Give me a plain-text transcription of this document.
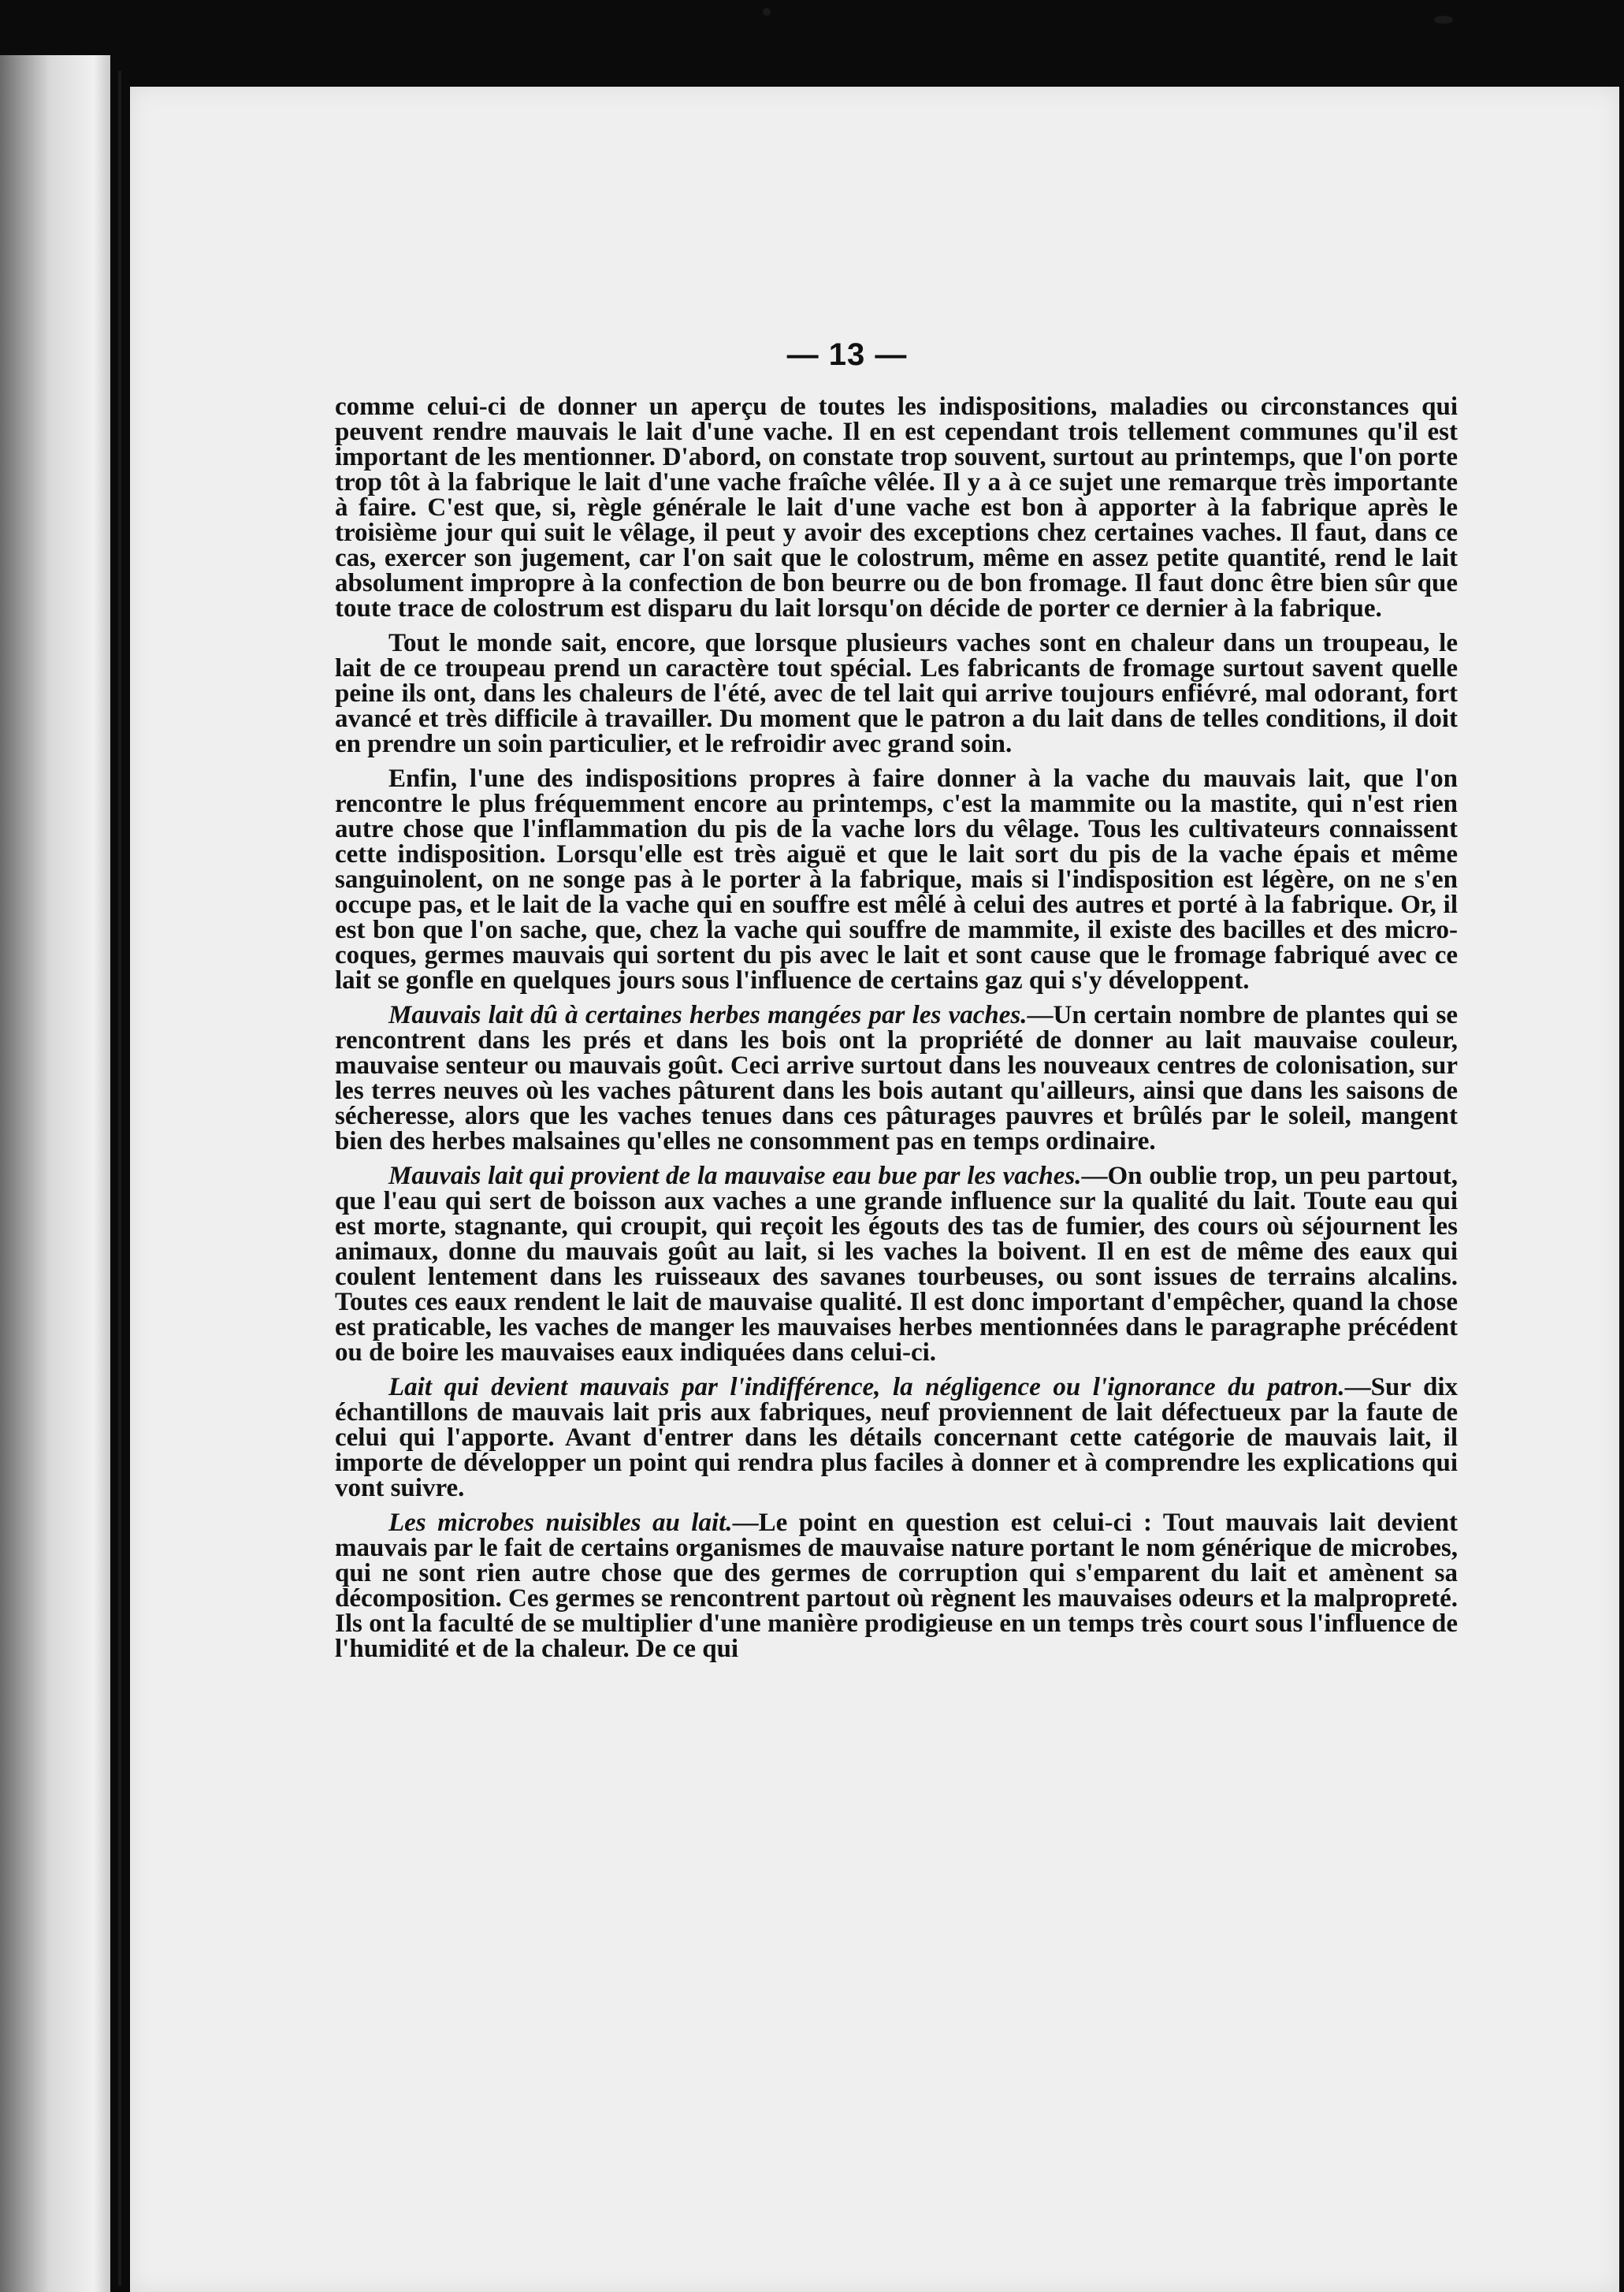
— 13 —

comme celui-ci de donner un aperçu de toutes les indispositions, maladies ou circonstances qui peuvent rendre mauvais le lait d'une vache. Il en est cependant trois tellement communes qu'il est important de les mentionner. D'abord, on constate trop souvent, surtout au printemps, que l'on porte trop tôt à la fabrique le lait d'une vache fraîche vêlée. Il y a à ce sujet une remarque très importante à faire. C'est que, si, règle générale le lait d'une vache est bon à apporter à la fabrique après le troisième jour qui suit le vêlage, il peut y avoir des exceptions chez certaines vaches. Il faut, dans ce cas, exercer son jugement, car l'on sait que le colostrum, même en assez petite quantité, rend le lait absolument impropre à la confection de bon beurre ou de bon fromage. Il faut donc être bien sûr que toute trace de colostrum est disparu du lait lorsqu'on décide de porter ce dernier à la fabrique.

Tout le monde sait, encore, que lorsque plusieurs vaches sont en chaleur dans un troupeau, le lait de ce troupeau prend un caractère tout spécial. Les fabricants de fromage surtout savent quelle peine ils ont, dans les chaleurs de l'été, avec de tel lait qui arrive toujours enfiévré, mal odorant, fort avancé et très difficile à travailler. Du moment que le patron a du lait dans de telles conditions, il doit en prendre un soin particulier, et le refroidir avec grand soin.

Enfin, l'une des indispositions propres à faire donner à la vache du mauvais lait, que l'on rencontre le plus fréquemment encore au printemps, c'est la mammite ou la mastite, qui n'est rien autre chose que l'inflammation du pis de la vache lors du vêlage. Tous les cultivateurs connaissent cette indisposition. Lorsqu'elle est très aiguë et que le lait sort du pis de la vache épais et même sanguinolent, on ne songe pas à le porter à la fabrique, mais si l'indisposition est légère, on ne s'en occupe pas, et le lait de la vache qui en souffre est mêlé à celui des autres et porté à la fabrique. Or, il est bon que l'on sache, que, chez la vache qui souffre de mammite, il existe des bacilles et des micro-coques, germes mauvais qui sortent du pis avec le lait et sont cause que le fromage fabriqué avec ce lait se gonfle en quelques jours sous l'influence de certains gaz qui s'y développent.

Mauvais lait dû à certaines herbes mangées par les vaches.—Un certain nombre de plantes qui se rencontrent dans les prés et dans les bois ont la propriété de donner au lait mauvaise couleur, mauvaise senteur ou mauvais goût. Ceci arrive surtout dans les nouveaux centres de colonisation, sur les terres neuves où les vaches pâturent dans les bois autant qu'ailleurs, ainsi que dans les saisons de sécheresse, alors que les vaches tenues dans ces pâturages pauvres et brûlés par le soleil, mangent bien des herbes malsaines qu'elles ne consomment pas en temps ordinaire.

Mauvais lait qui provient de la mauvaise eau bue par les vaches.—On oublie trop, un peu partout, que l'eau qui sert de boisson aux vaches a une grande influence sur la qualité du lait. Toute eau qui est morte, stagnante, qui croupit, qui reçoit les égouts des tas de fumier, des cours où séjournent les animaux, donne du mauvais goût au lait, si les vaches la boivent. Il en est de même des eaux qui coulent lentement dans les ruisseaux des savanes tourbeuses, ou sont issues de terrains alcalins. Toutes ces eaux rendent le lait de mauvaise qualité. Il est donc important d'empêcher, quand la chose est praticable, les vaches de manger les mauvaises herbes mentionnées dans le paragraphe précédent ou de boire les mauvaises eaux indiquées dans celui-ci.

Lait qui devient mauvais par l'indifférence, la négligence ou l'ignorance du patron.—Sur dix échantillons de mauvais lait pris aux fabriques, neuf proviennent de lait défectueux par la faute de celui qui l'apporte. Avant d'entrer dans les détails concernant cette catégorie de mauvais lait, il importe de développer un point qui rendra plus faciles à donner et à comprendre les explications qui vont suivre.

Les microbes nuisibles au lait.—Le point en question est celui-ci : Tout mauvais lait devient mauvais par le fait de certains organismes de mauvaise nature portant le nom générique de microbes, qui ne sont rien autre chose que des germes de corruption qui s'emparent du lait et amènent sa décomposition. Ces germes se rencontrent partout où règnent les mauvaises odeurs et la malpropreté. Ils ont la faculté de se multiplier d'une manière prodigieuse en un temps très court sous l'influence de l'humidité et de la chaleur. De ce qui
